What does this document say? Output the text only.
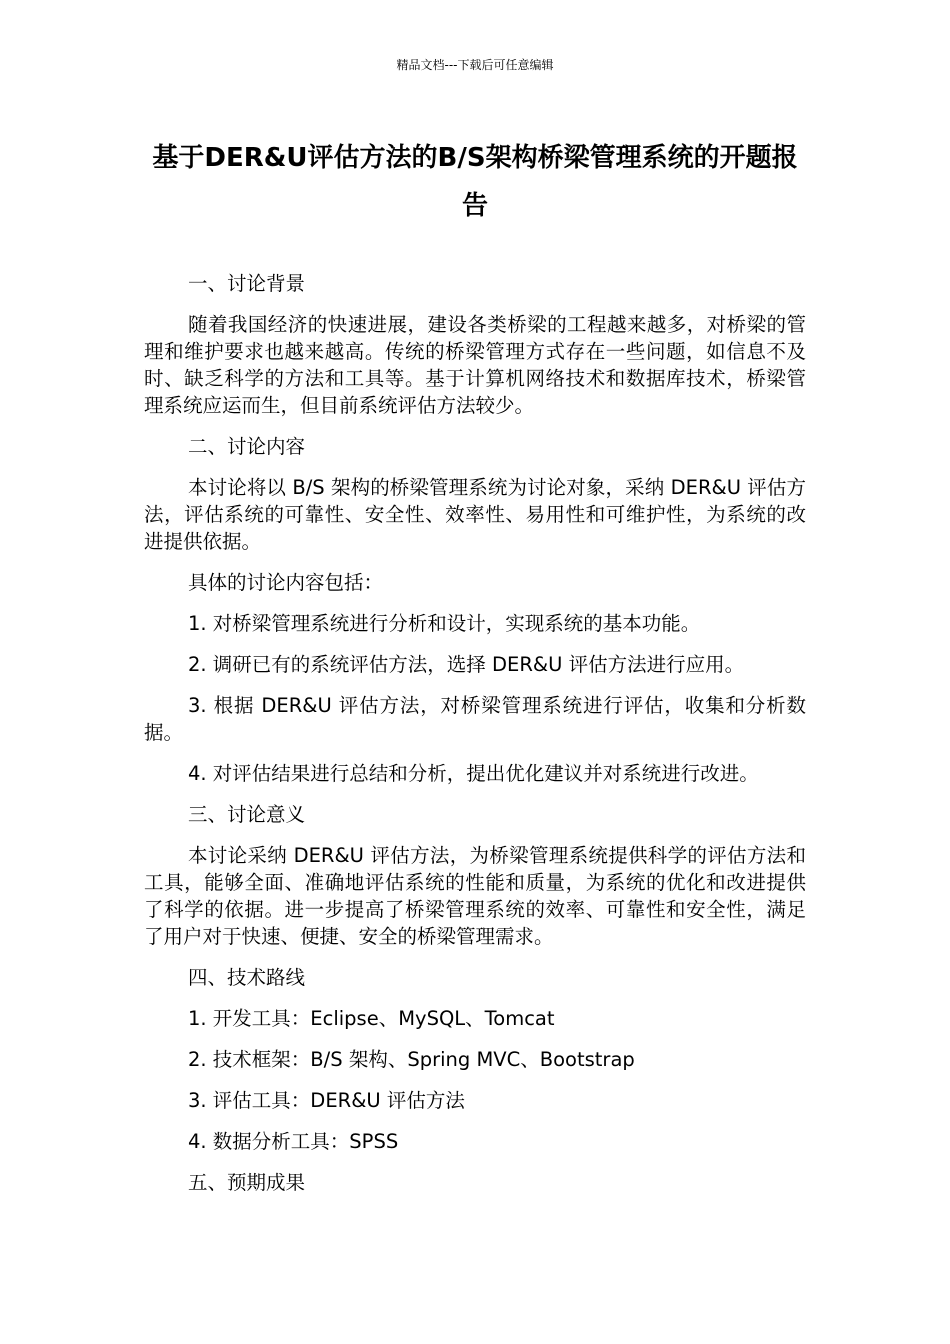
精品文档---下载后可任意编辑
基于DER&U评估方法的B/S架构桥梁管理系统的开题报告

一、讨论背景

随着我国经济的快速进展，建设各类桥梁的工程越来越多，对桥梁的管理和维护要求也越来越高。传统的桥梁管理方式存在一些问题，如信息不及时、缺乏科学的方法和工具等。基于计算机网络技术和数据库技术，桥梁管理系统应运而生，但目前系统评估方法较少。

二、讨论内容

本讨论将以 B/S 架构的桥梁管理系统为讨论对象，采纳 DER&U 评估方法，评估系统的可靠性、安全性、效率性、易用性和可维护性，为系统的改进提供依据。

具体的讨论内容包括：

1. 对桥梁管理系统进行分析和设计，实现系统的基本功能。

2. 调研已有的系统评估方法，选择 DER&U 评估方法进行应用。

3. 根据 DER&U 评估方法，对桥梁管理系统进行评估，收集和分析数据。

4. 对评估结果进行总结和分析，提出优化建议并对系统进行改进。

三、讨论意义

本讨论采纳 DER&U 评估方法，为桥梁管理系统提供科学的评估方法和工具，能够全面、准确地评估系统的性能和质量，为系统的优化和改进提供了科学的依据。进一步提高了桥梁管理系统的效率、可靠性和安全性，满足了用户对于快速、便捷、安全的桥梁管理需求。

四、技术路线

1. 开发工具：Eclipse、MySQL、Tomcat

2. 技术框架：B/S 架构、Spring MVC、Bootstrap

3. 评估工具：DER&U 评估方法

4. 数据分析工具：SPSS

五、预期成果
